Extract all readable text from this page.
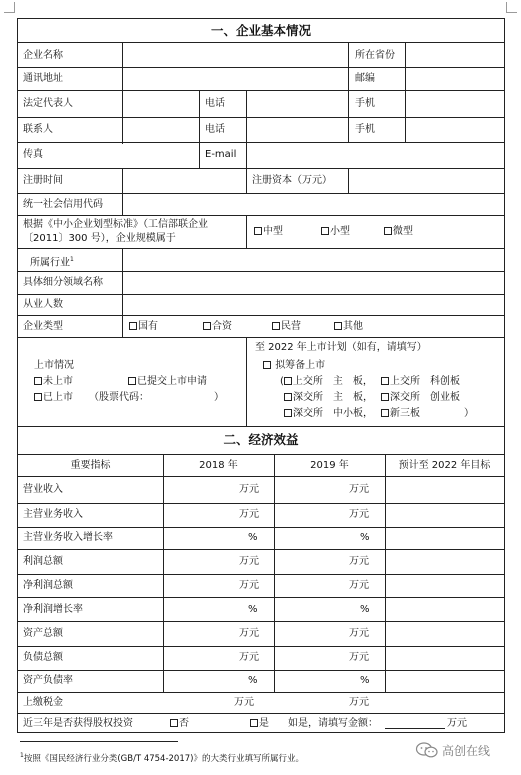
一、企业基本情况
企业名称	所在省份
通讯地址	邮编
法定代表人	电话	手机
联系人	电话	手机
传真	E-mail
注册时间	注册资本（万元）
统一社会信用代码
根据《中小企业划型标准》（工信部联企业
〔2011〕300 号），企业规模属于
中型	小型	微型
所属行业$^1$
具体细分领域名称
从业人数
企业类型	国有	合资	民营	其他
上市情况
未上市	已提交上市申请
已上市 （股票代码：　　　　　　　）
至 2022 年上市计划（如有，请填写）
拟筹备上市
( 上交所　主　板，	上交所　科创板
深交所　主　板，	深交所　创业板
深交所　中小板，	新三板	）
二、经济效益
重要指标	2018 年	2019 年	预计至 2022 年目标
营业收入	万元	万元
主营业务收入	万元	万元
主营业务收入增长率	%	%
利润总额	万元	万元
净利润总额	万元	万元
净利润增长率	%	%
资产总额	万元	万元
负债总额	万元	万元
资产负债率	%	%
上缴税金	万元	万元
近三年是否获得股权投资	否	是 如是，请填写金额：	万元
$^1$按照《国民经济行业分类(GB/T 4754-2017)》的大类行业填写所属行业。
高创在线
